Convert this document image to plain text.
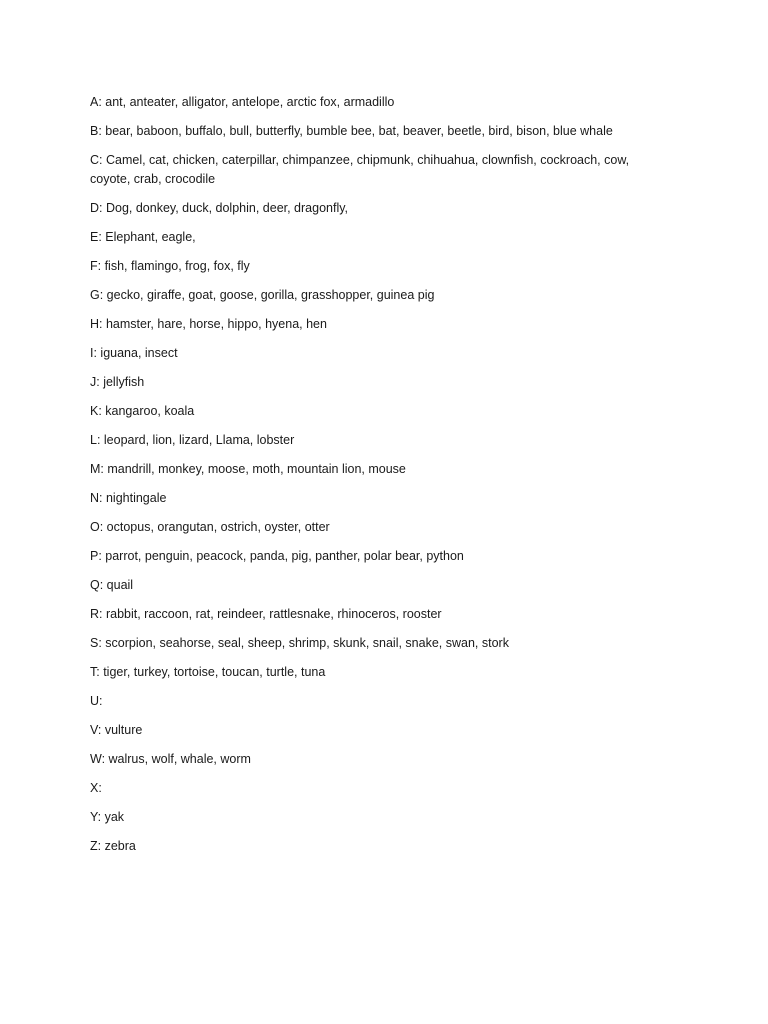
A: ant, anteater, alligator, antelope, arctic fox, armadillo

B: bear, baboon, buffalo, bull, butterfly, bumble bee, bat, beaver, beetle, bird, bison, blue whale

C: Camel, cat, chicken, caterpillar, chimpanzee, chipmunk, chihuahua, clownfish, cockroach, cow, coyote, crab, crocodile

D: Dog, donkey, duck, dolphin, deer, dragonfly,

E: Elephant, eagle,

F: fish, flamingo, frog, fox, fly

G: gecko, giraffe, goat, goose, gorilla, grasshopper, guinea pig

H: hamster, hare, horse, hippo, hyena, hen

I: iguana, insect

J: jellyfish

K: kangaroo, koala

L: leopard, lion, lizard, Llama, lobster

M: mandrill, monkey, moose, moth, mountain lion, mouse

N: nightingale

O: octopus, orangutan, ostrich, oyster, otter

P: parrot, penguin, peacock, panda, pig, panther, polar bear, python

Q: quail

R: rabbit, raccoon, rat, reindeer, rattlesnake, rhinoceros, rooster

S: scorpion, seahorse, seal, sheep, shrimp, skunk, snail, snake, swan, stork

T: tiger, turkey, tortoise, toucan, turtle, tuna

U:

V: vulture

W: walrus, wolf, whale, worm

X:

Y: yak

Z: zebra
